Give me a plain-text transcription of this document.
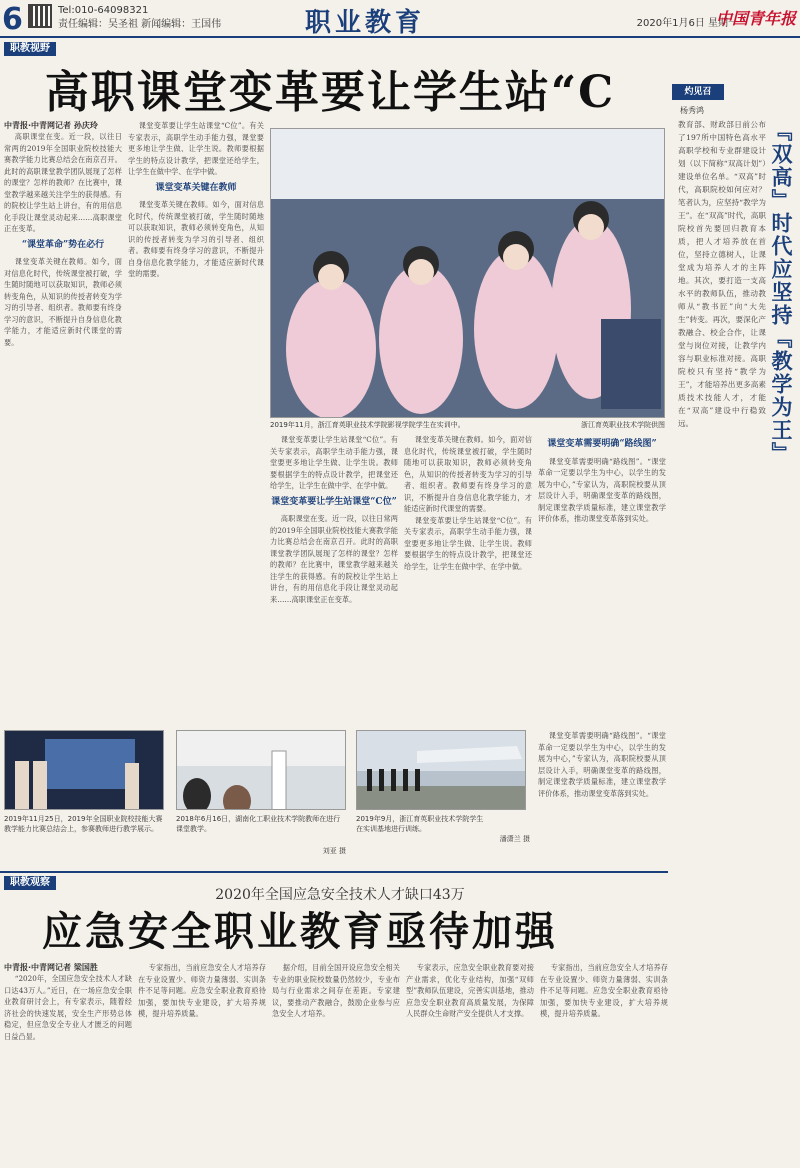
6	Tel:010-64098321
责任编辑：吴圣祖 新闻编辑：王国伟	职业教育	2020年1月6日 星期一
中国青年报
职教视野
高职课堂变革要让学生站“C
中青报·中青网记者 孙庆玲

高职课堂在变。近一段，以往日常两的2019年全国职业院校技能大赛教学能力比赛总结会在南京召开。此时的高职课堂教学团队展现了怎样的课堂？怎样的教师？在比赛中，课堂教学越来越关注学生的获得感。有的院校让学生站上讲台，有的用信息化手段让课堂灵动起来……高职课堂正在变革。

“课堂革命”势在必行

课堂变革关键在教师。如今，面对信息化时代，传统课堂被打破，学生随时随地可以获取知识，教师必须转变角色，从知识的传授者转变为学习的引导者、组织者。教师要有终身学习的意识，不断提升自身信息化教学能力，才能适应新时代课堂的需要。

课堂变革要让学生站课堂“C位”。有关专家表示，高职学生动手能力强，课堂要更多地让学生做、让学生说。教师要根据学生的特点设计教学，把课堂还给学生，让学生在做中学、在学中做。

课堂变革关键在教师

课堂变革关键在教师。如今，面对信息化时代，传统课堂被打破，学生随时随地可以获取知识，教师必须转变角色，从知识的传授者转变为学习的引导者、组织者。教师要有终身学习的意识，不断提升自身信息化教学能力，才能适应新时代课堂的需要。

2019年11月，浙江育英职业技术学院影视学院学生在实训中。	浙江育英职业技术学院供图

课堂变革要让学生站课堂“C位”。有关专家表示，高职学生动手能力强，课堂要更多地让学生做、让学生说。教师要根据学生的特点设计教学，把课堂还给学生，让学生在做中学、在学中做。

课堂变革要让学生站课堂“C位”

高职课堂在变。近一段，以往日常两的2019年全国职业院校技能大赛教学能力比赛总结会在南京召开。此时的高职课堂教学团队展现了怎样的课堂？怎样的教师？在比赛中，课堂教学越来越关注学生的获得感。有的院校让学生站上讲台，有的用信息化手段让课堂灵动起来……高职课堂正在变革。

课堂变革关键在教师。如今，面对信息化时代，传统课堂被打破，学生随时随地可以获取知识，教师必须转变角色，从知识的传授者转变为学习的引导者、组织者。教师要有终身学习的意识，不断提升自身信息化教学能力，才能适应新时代课堂的需要。

课堂变革要让学生站课堂“C位”。有关专家表示，高职学生动手能力强，课堂要更多地让学生做、让学生说。教师要根据学生的特点设计教学，把课堂还给学生，让学生在做中学、在学中做。

课堂变革需要明确“路线图”

课堂变革需要明确“路线图”。“课堂革命一定要以学生为中心，以学生的发展为中心，”专家认为，高职院校要从顶层设计入手，明确课堂变革的路线图，制定课堂教学质量标准，建立课堂教学评价体系，推动课堂变革落到实处。

2019年11月25日，2019年全国职业院校技能大赛教学能力比赛总结会上，参赛教师进行教学展示。
2018年6月16日，湖南化工职业技术学院教师在进行课堂教学。
刘亚 摄
2019年9月，浙江育英职业技术学院学生在实训基地进行训练。
潘潇兰 摄

课堂变革需要明确“路线图”。“课堂革命一定要以学生为中心，以学生的发展为中心，”专家认为，高职院校要从顶层设计入手，明确课堂变革的路线图，制定课堂教学质量标准，建立课堂教学评价体系，推动课堂变革落到实处。

灼见召
杨秀鸿
『双高』时代应坚持『教学为王』

教育部、财政部日前公布了197所中国特色高水平高职学校和专业群建设计划（以下简称“双高计划”）建设单位名单。“双高”时代，高职院校如何应对？笔者认为，应坚持“教学为王”。在“双高”时代，高职院校首先要回归教育本质，把人才培养放在首位，坚持立德树人，让课堂成为培养人才的主阵地。其次，要打造一支高水平的教师队伍，推动教师从“教书匠”向“大先生”转变。再次，要深化产教融合、校企合作，让课堂与岗位对接，让教学内容与职业标准对接。高职院校只有坚持“教学为王”，才能培养出更多高素质技术技能人才，才能在“双高”建设中行稳致远。

职教观察
2020年全国应急安全技术人才缺口43万
应急安全职业教育亟待加强
中青报·中青网记者 梁国胜

“2020年，全国应急安全技术人才缺口达43万人。”近日，在一场应急安全职业教育研讨会上，有专家表示，随着经济社会的快速发展，安全生产形势总体稳定，但应急安全专业人才匮乏的问题日益凸显。

专家指出，当前应急安全人才培养存在专业设置少、师资力量薄弱、实训条件不足等问题。应急安全职业教育亟待加强，要加快专业建设，扩大培养规模，提升培养质量。

据介绍，目前全国开设应急安全相关专业的职业院校数量仍然较少，专业布局与行业需求之间存在差距。专家建议，要推动产教融合，鼓励企业参与应急安全人才培养。

专家表示，应急安全职业教育要对接产业需求，优化专业结构，加强“双师型”教师队伍建设，完善实训基地，推动应急安全职业教育高质量发展，为保障人民群众生命财产安全提供人才支撑。

专家指出，当前应急安全人才培养存在专业设置少、师资力量薄弱、实训条件不足等问题。应急安全职业教育亟待加强，要加快专业建设，扩大培养规模，提升培养质量。
